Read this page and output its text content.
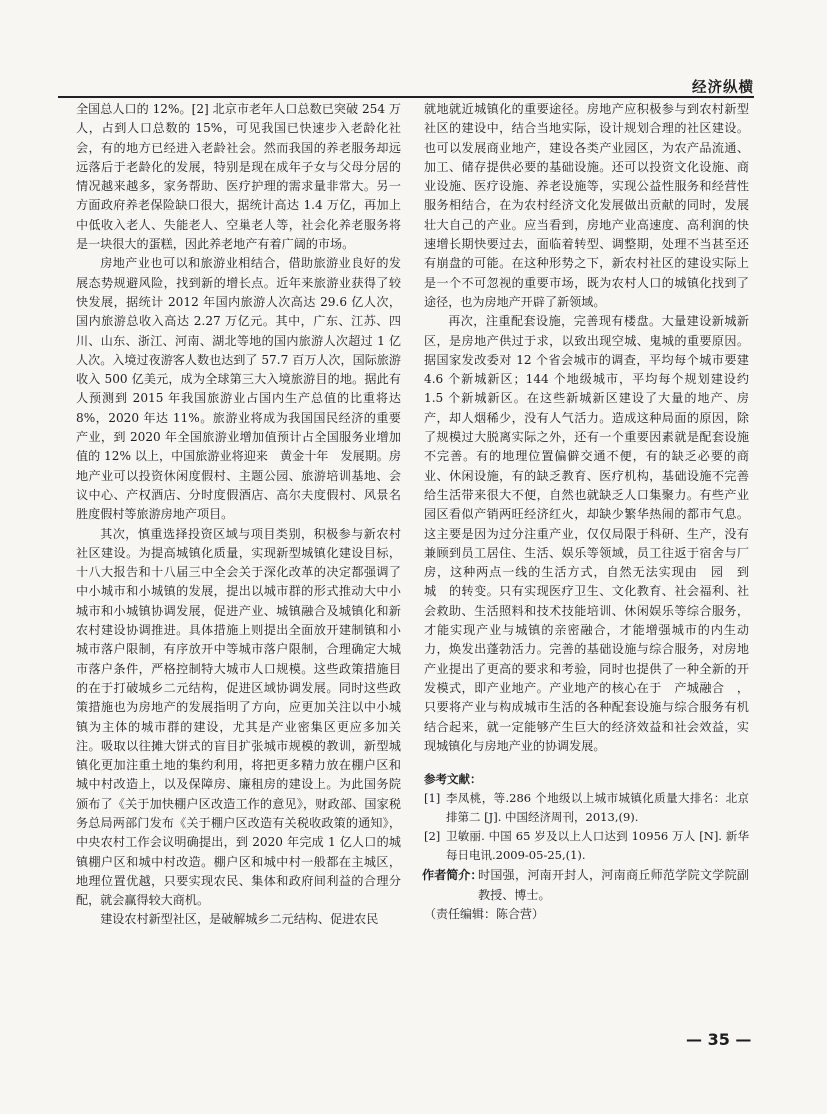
经济纵横

全国总人口的 12%。[2] 北京市老年人口总数已突破 254 万人，占到人口总数的 15%，可见我国已快速步入老龄化社会，有的地方已经进入老龄社会。然而我国的养老服务却远远落后于老龄化的发展，特别是现在成年子女与父母分居的情况越来越多，家务帮助、医疗护理的需求量非常大。另一方面政府养老保险缺口很大，据统计高达 1.4 万亿，再加上中低收入老人、失能老人、空巢老人等，社会化养老服务将是一块很大的蛋糕，因此养老地产有着广阔的市场。

房地产业也可以和旅游业相结合，借助旅游业良好的发展态势规避风险，找到新的增长点。近年来旅游业获得了较快发展，据统计 2012 年国内旅游人次高达 29.6 亿人次，国内旅游总收入高达 2.27 万亿元。其中，广东、江苏、四川、山东、浙江、河南、湖北等地的国内旅游人次超过 1 亿人次。入境过夜游客人数也达到了 57.7 百万人次，国际旅游收入 500 亿美元，成为全球第三大入境旅游目的地。据此有人预测到 2015 年我国旅游业占国内生产总值的比重将达 8%，2020 年达 11%。旅游业将成为我国国民经济的重要产业，到 2020 年全国旅游业增加值预计占全国服务业增加值的 12% 以上，中国旅游业将迎来　黄金十年　发展期。房地产业可以投资休闲度假村、主题公园、旅游培训基地、会议中心、产权酒店、分时度假酒店、高尔夫度假村、风景名胜度假村等旅游房地产项目。

其次，慎重选择投资区域与项目类别，积极参与新农村社区建设。为提高城镇化质量，实现新型城镇化建设目标，十八大报告和十八届三中全会关于深化改革的决定都强调了中小城市和小城镇的发展，提出以城市群的形式推动大中小城市和小城镇协调发展，促进产业、城镇融合及城镇化和新农村建设协调推进。具体措施上则提出全面放开建制镇和小城市落户限制，有序放开中等城市落户限制，合理确定大城市落户条件，严格控制特大城市人口规模。这些政策措施目的在于打破城乡二元结构，促进区域协调发展。同时这些政策措施也为房地产的发展指明了方向，应更加关注以中小城镇为主体的城市群的建设，尤其是产业密集区更应多加关注。吸取以往摊大饼式的盲目扩张城市规模的教训，新型城镇化更加注重土地的集约利用，将把更多精力放在棚户区和城中村改造上，以及保障房、廉租房的建设上。为此国务院颁布了《关于加快棚户区改造工作的意见》，财政部、国家税务总局两部门发布《关于棚户区改造有关税收政策的通知》，中央农村工作会议明确提出，到 2020 年完成 1 亿人口的城镇棚户区和城中村改造。棚户区和城中村一般都在主城区，地理位置优越，只要实现农民、集体和政府间利益的合理分配，就会赢得较大商机。

建设农村新型社区，是破解城乡二元结构、促进农民

就地就近城镇化的重要途径。房地产应积极参与到农村新型社区的建设中，结合当地实际，设计规划合理的社区建设。也可以发展商业地产，建设各类产业园区，为农产品流通、加工、储存提供必要的基础设施。还可以投资文化设施、商业设施、医疗设施、养老设施等，实现公益性服务和经营性服务相结合，在为农村经济文化发展做出贡献的同时，发展壮大自己的产业。应当看到，房地产业高速度、高利润的快速增长期快要过去，面临着转型、调整期，处理不当甚至还有崩盘的可能。在这种形势之下，新农村社区的建设实际上是一个不可忽视的重要市场，既为农村人口的城镇化找到了途径，也为房地产开辟了新领域。

再次，注重配套设施，完善现有楼盘。大量建设新城新区，是房地产供过于求，以致出现空城、鬼城的重要原因。据国家发改委对 12 个省会城市的调查，平均每个城市要建 4.6 个新城新区；144 个地级城市，平均每个规划建设约 1.5 个新城新区。在这些新城新区建设了大量的地产、房产，却人烟稀少，没有人气活力。造成这种局面的原因，除了规模过大脱离实际之外，还有一个重要因素就是配套设施不完善。有的地理位置偏僻交通不便，有的缺乏必要的商业、休闲设施，有的缺乏教育、医疗机构，基础设施不完善给生活带来很大不便，自然也就缺乏人口集聚力。有些产业园区看似产销两旺经济红火，却缺少繁华热闹的都市气息。这主要是因为过分注重产业，仅仅局限于科研、生产，没有兼顾到员工居住、生活、娱乐等领域，员工往返于宿舍与厂房，这种两点一线的生活方式，自然无法实现由　园　到　城　的转变。只有实现医疗卫生、文化教育、社会福利、社会救助、生活照料和技术技能培训、休闲娱乐等综合服务，才能实现产业与城镇的亲密融合，才能增强城市的内生动力，焕发出蓬勃活力。完善的基础设施与综合服务，对房地产业提出了更高的要求和考验，同时也提供了一种全新的开发模式，即产业地产。产业地产的核心在于　产城融合　，只要将产业与构成城市生活的各种配套设施与综合服务有机结合起来，就一定能够产生巨大的经济效益和社会效益，实现城镇化与房地产业的协调发展。

参考文献：

[1] 李凤桃，等.286 个地级以上城市城镇化质量大排名：北京排第二 [J]. 中国经济周刊，2013,(9).

[2] 卫敏丽. 中国 65 岁及以上人口达到 10956 万人 [N]. 新华每日电讯.2009-05-25,(1).

作者简介：
时国强，河南开封人，河南商丘师范学院文学院副教授、博士。

（责任编辑：陈合营）

— 35 —
